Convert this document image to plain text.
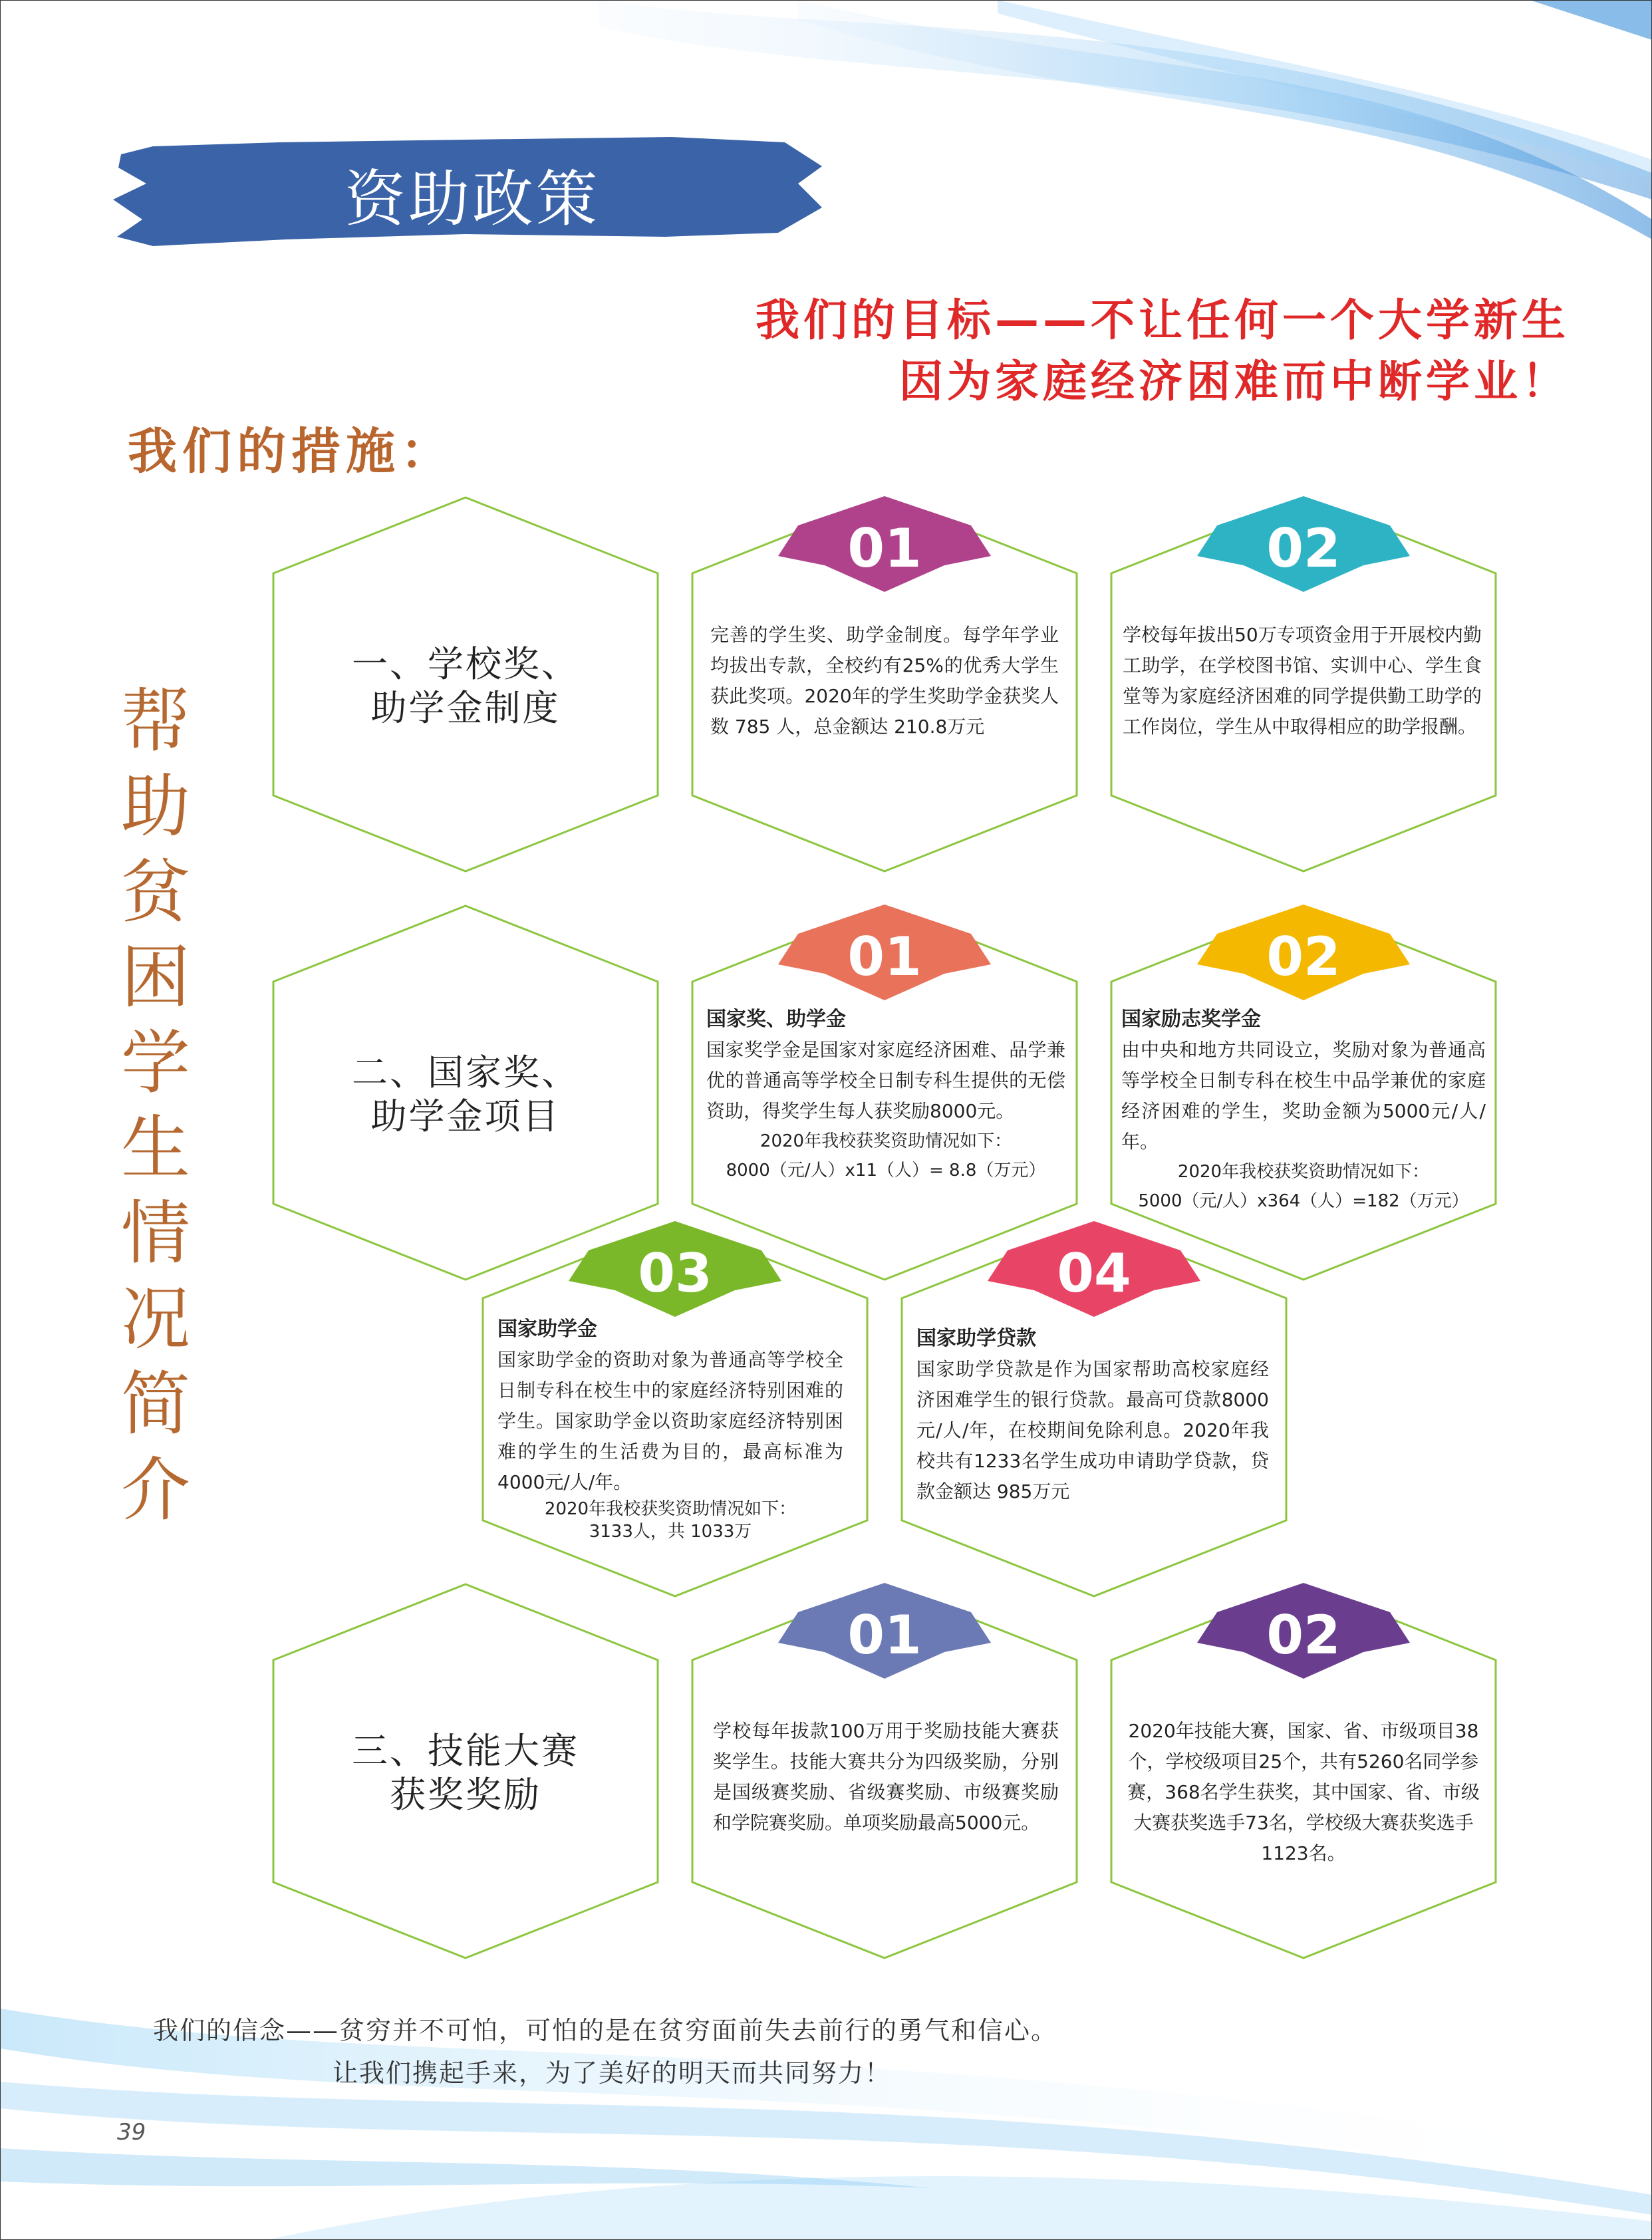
资助政策
我们的目标——不让任何一个大学新生
因为家庭经济困难而中断学业！
我们的措施：
帮
助
贫
困
学
生
情
况
简
介
一、学校奖、
助学金制度
01
完善的学生奖、助学金制度。每学年学业均拔出专款，全校约有25%的优秀大学生获此奖项。2020年的学生奖助学金获奖人数 785 人，总金额达 210.8万元
02
学校每年拔出50万专项资金用于开展校内勤工助学，在学校图书馆、实训中心、学生食堂等为家庭经济困难的同学提供勤工助学的工作岗位，学生从中取得相应的助学报酬。
二、国家奖、
助学金项目
01
国家奖、助学金
国家奖学金是国家对家庭经济困难、品学兼优的普通高等学校全日制专科生提供的无偿资助，得奖学生每人获奖励8000元。
2020年我校获奖资助情况如下：
8000（元/人）x11（人）= 8.8（万元）
02
国家励志奖学金
由中央和地方共同设立，奖励对象为普通高等学校全日制专科在校生中品学兼优的家庭经济困难的学生，奖助金额为5000元/人/年。
2020年我校获奖资助情况如下：
5000（元/人）x364（人）=182（万元）
03
国家助学金
国家助学金的资助对象为普通高等学校全日制专科在校生中的家庭经济特别困难的学生。国家助学金以资助家庭经济特别困难的学生的生活费为目的，最高标准为4000元/人/年。
2020年我校获奖资助情况如下：
3133人，共 1033万
04
国家助学贷款
国家助学贷款是作为国家帮助高校家庭经济困难学生的银行贷款。最高可贷款8000元/人/年，在校期间免除利息。2020年我校共有1233名学生成功申请助学贷款，贷款金额达 985万元
三、技能大赛
获奖奖励
01
学校每年拔款100万用于奖励技能大赛获奖学生。技能大赛共分为四级奖励，分别是国级赛奖励、省级赛奖励、市级赛奖励和学院赛奖励。单项奖励最高5000元。
02
2020年技能大赛，国家、省、市级项目38个，学校级项目25个，共有5260名同学参赛，368名学生获奖，其中国家、省、市级大赛获奖选手73名，学校级大赛获奖选手1123名。
我们的信念——贫穷并不可怕，可怕的是在贫穷面前失去前行的勇气和信心。
让我们携起手来，为了美好的明天而共同努力！
39
